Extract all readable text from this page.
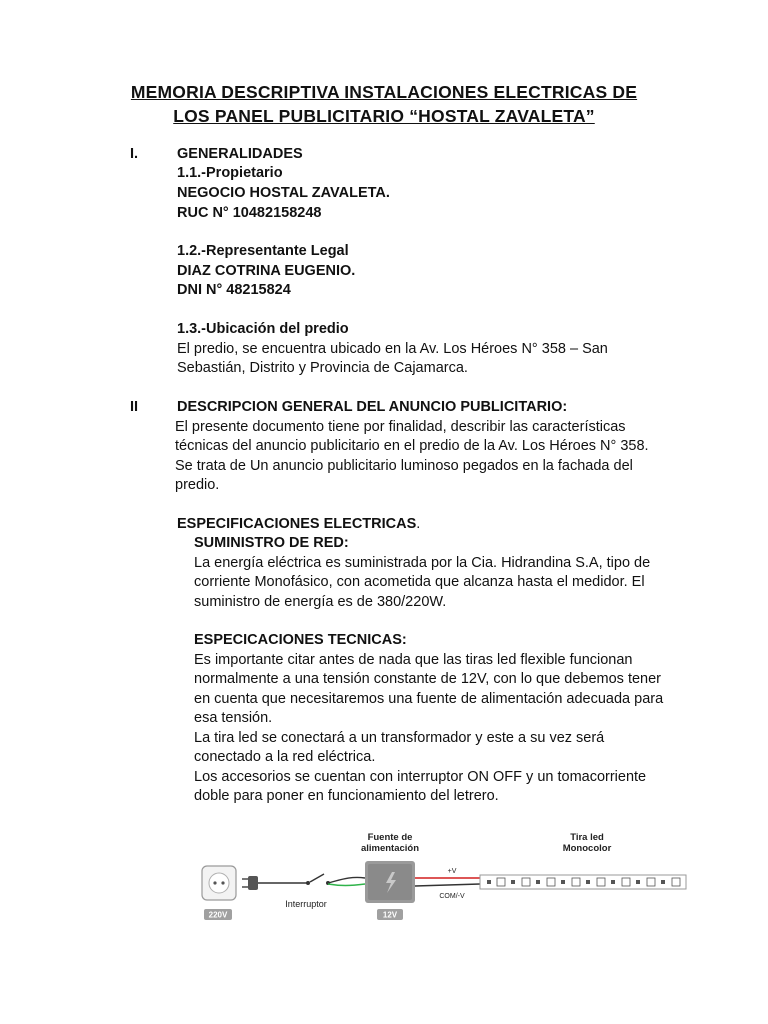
MEMORIA DESCRIPTIVA INSTALACIONES ELECTRICAS DE
LOS PANEL PUBLICITARIO “HOSTAL ZAVALETA”
I.	GENERALIDADES
1.1.-Propietario
NEGOCIO HOSTAL ZAVALETA.
RUC N° 10482158248
1.2.-Representante Legal
DIAZ COTRINA EUGENIO.
DNI N° 48215824
1.3.-Ubicación del predio
El predio, se encuentra ubicado en la Av. Los Héroes N° 358 – San
Sebastián, Distrito y Provincia de Cajamarca.
II	DESCRIPCION GENERAL DEL ANUNCIO PUBLICITARIO:
El presente documento tiene por finalidad, describir las características
técnicas del anuncio publicitario en el predio de la Av. Los Héroes N° 358.
Se trata de Un anuncio publicitario luminoso pegados en la fachada del
predio.
ESPECIFICACIONES ELECTRICAS.
SUMINISTRO DE RED:
La energía eléctrica es suministrada por la Cia. Hidrandina S.A, tipo de
corriente Monofásico, con acometida que alcanza hasta el medidor. El
suministro de energía es de 380/220W.
ESPECICACIONES TECNICAS:
Es importante citar antes de nada que las tiras led flexible funcionan
normalmente a una tensión constante de 12V, con lo que debemos tener
en cuenta que necesitaremos una fuente de alimentación adecuada para
esa tensión.
La tira led se conectará a un transformador y este a su vez será
conectado a la red eléctrica.
Los accesorios se cuentan con interruptor ON OFF y un tomacorriente
doble para poner en funcionamiento del letrero.
220V
Interruptor
Fuente de
alimentación
12V
+V
COM/-V
Tira led
Monocolor
